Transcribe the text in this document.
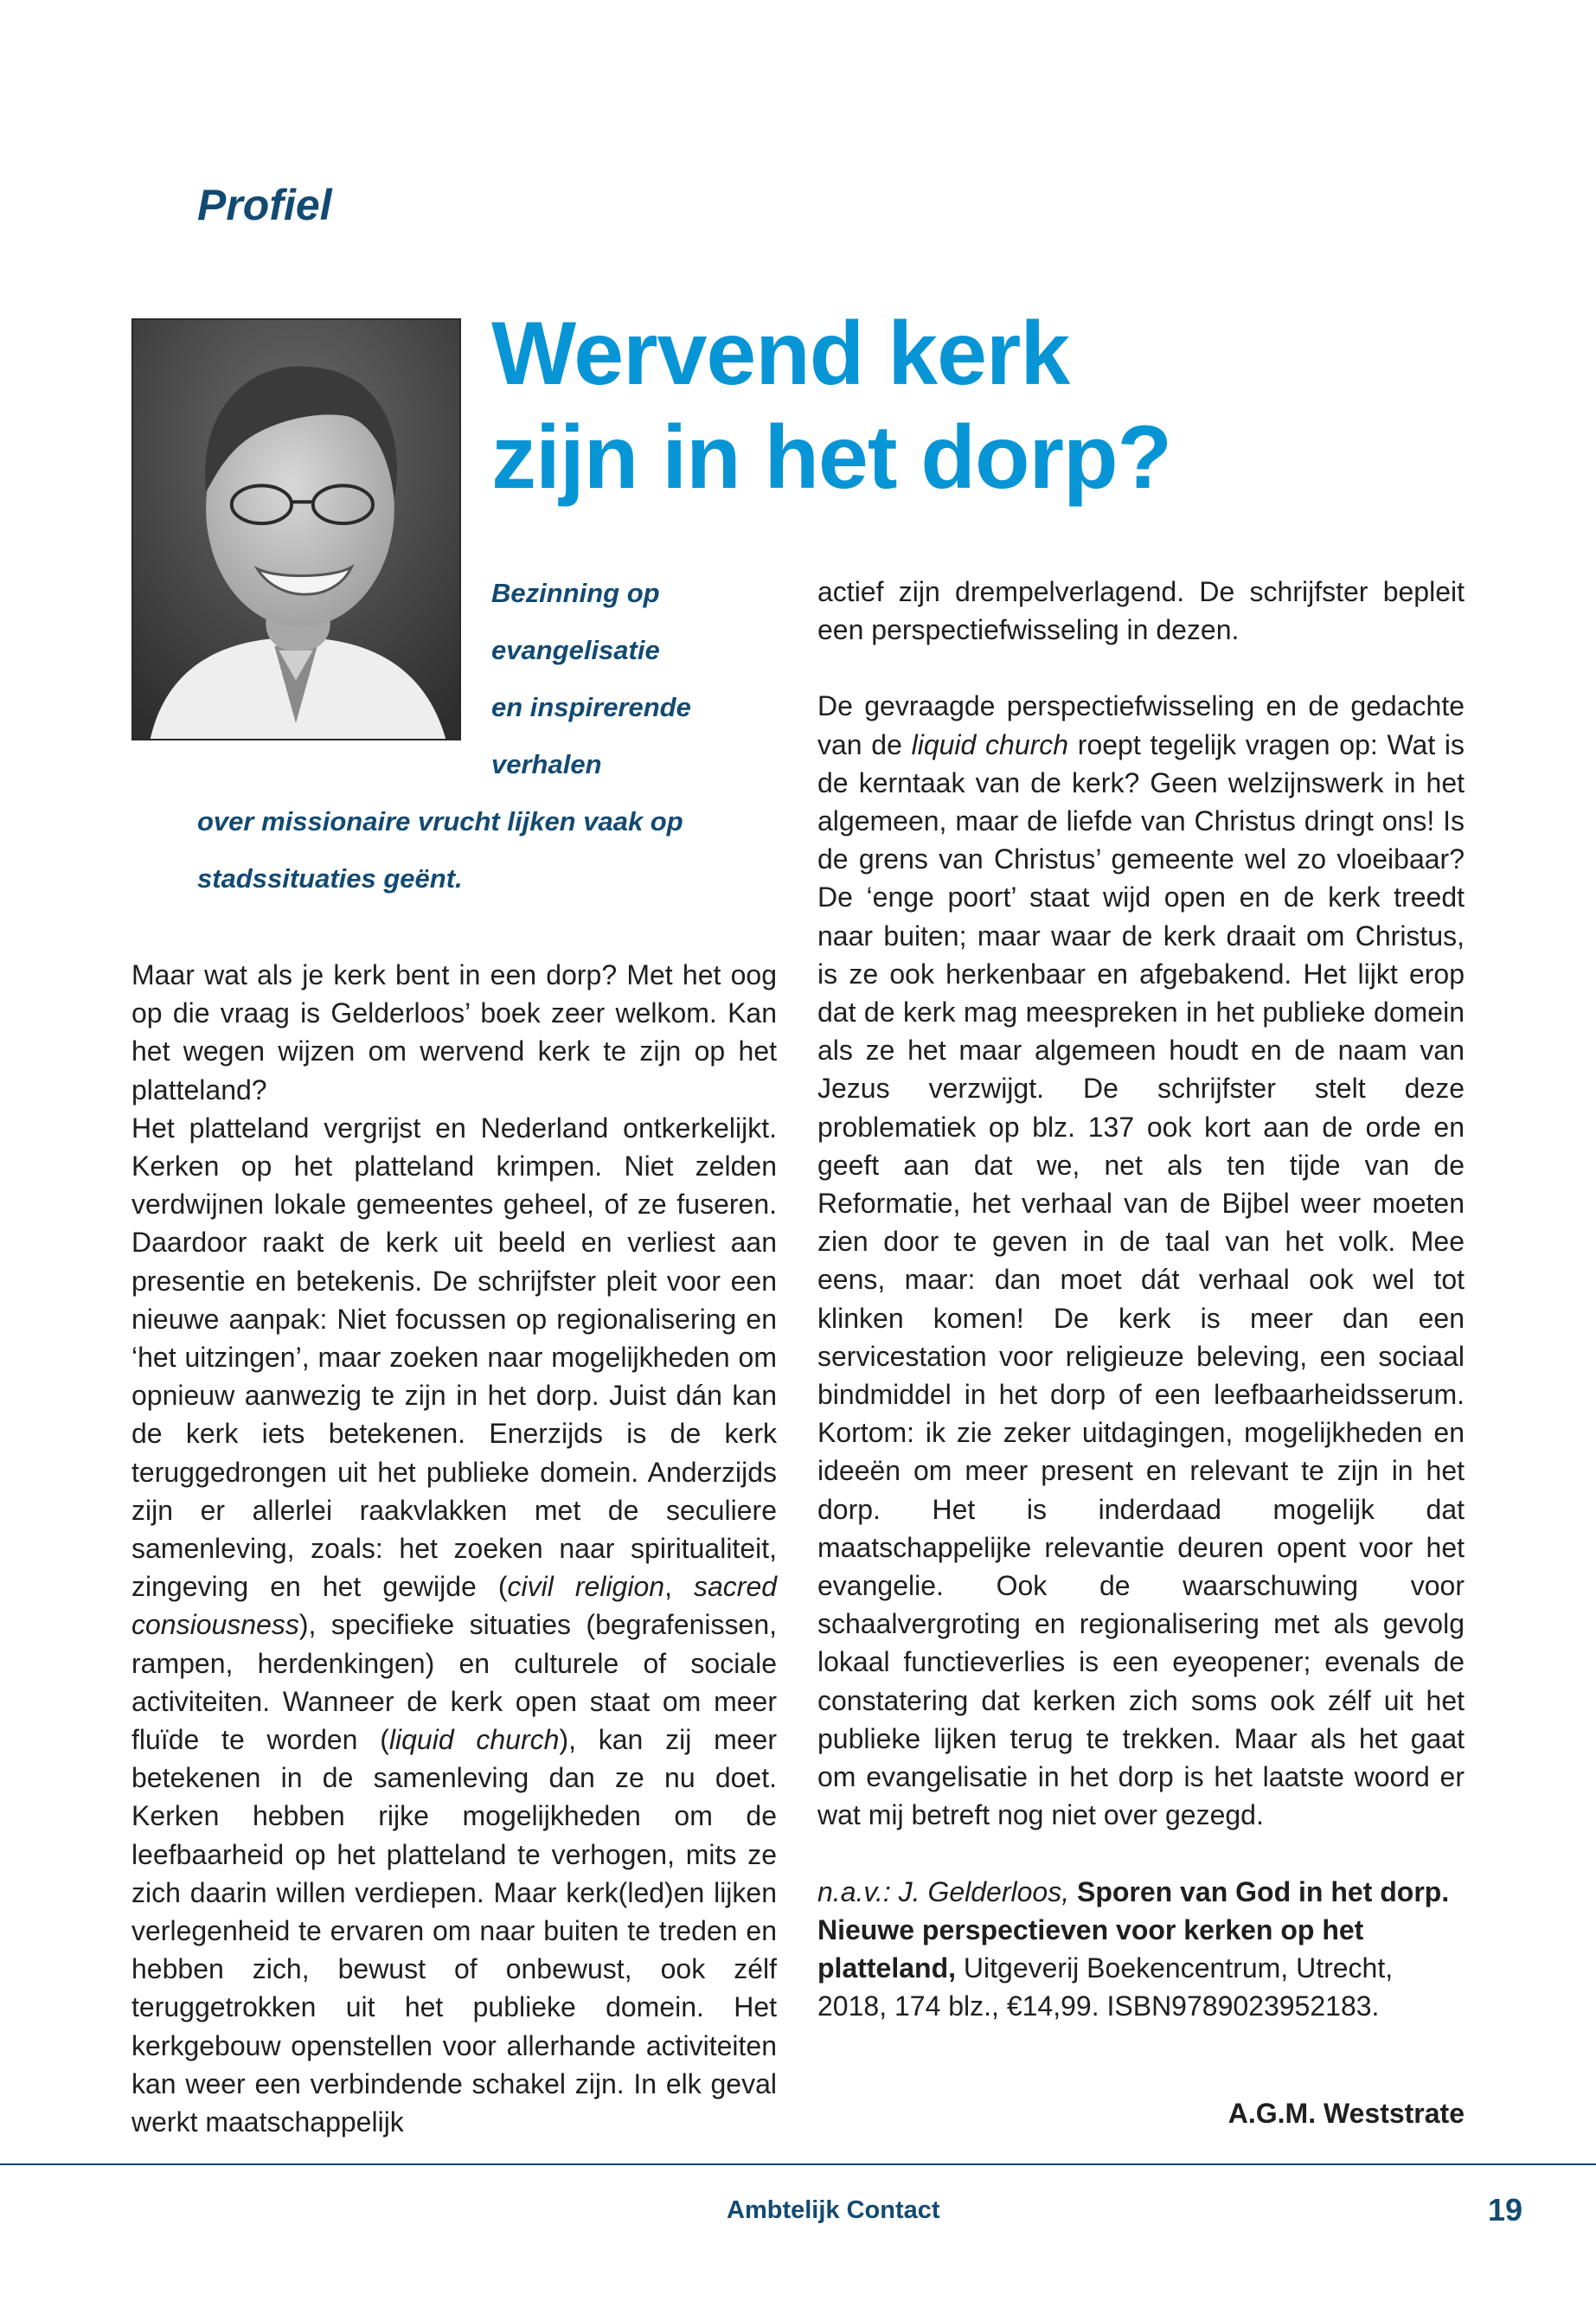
Profiel
Wervend kerk
zijn in het dorp?
Bezinning op
evangelisatie
en inspirerende
verhalen
over missionaire vrucht lijken vaak op
stadssituaties geënt.

Maar wat als je kerk bent in een dorp? Met het oog op die vraag is Gelderloos’ boek zeer welkom. Kan het wegen wijzen om wervend kerk te zijn op het platteland?

Het platteland vergrijst en Nederland ontkerkelijkt. Kerken op het platteland krimpen. Niet zelden verdwijnen lokale gemeentes geheel, of ze fuseren. Daardoor raakt de kerk uit beeld en verliest aan presentie en betekenis. De schrijfster pleit voor een nieuwe aanpak: Niet focussen op regionalisering en ‘het uitzingen’, maar zoeken naar mogelijkheden om opnieuw aanwezig te zijn in het dorp. Juist dán kan de kerk iets betekenen. Enerzijds is de kerk teruggedrongen uit het publieke domein. Anderzijds zijn er allerlei raakvlakken met de seculiere samenleving, zoals: het zoeken naar spiritualiteit, zingeving en het gewijde (civil religion, sacred consiousness), specifieke situaties (begrafenissen, rampen, herdenkingen) en culturele of sociale activiteiten. Wanneer de kerk open staat om meer fluïde te worden (liquid church), kan zij meer betekenen in de samenleving dan ze nu doet. Kerken hebben rijke mogelijkheden om de leefbaarheid op het platteland te verhogen, mits ze zich daarin willen verdiepen. Maar kerk(led)en lijken verlegenheid te ervaren om naar buiten te treden en hebben zich, bewust of onbewust, ook zélf teruggetrokken uit het publieke domein. Het kerkgebouw openstellen voor allerhande activiteiten kan weer een verbindende schakel zijn. In elk geval werkt maatschappelijk

actief zijn drempelverlagend. De schrijfster bepleit een perspectiefwisseling in dezen.

De gevraagde perspectiefwisseling en de gedachte van de liquid church roept tegelijk vragen op: Wat is de kerntaak van de kerk? Geen welzijnswerk in het algemeen, maar de liefde van Christus dringt ons! Is de grens van Christus’ gemeente wel zo vloeibaar? De ‘enge poort’ staat wijd open en de kerk treedt naar buiten; maar waar de kerk draait om Christus, is ze ook herkenbaar en afgebakend. Het lijkt erop dat de kerk mag meespreken in het publieke domein als ze het maar algemeen houdt en de naam van Jezus verzwijgt. De schrijfster stelt deze problematiek op blz. 137 ook kort aan de orde en geeft aan dat we, net als ten tijde van de Reformatie, het verhaal van de Bijbel weer moeten zien door te geven in de taal van het volk. Mee eens, maar: dan moet dát verhaal ook wel tot klinken komen! De kerk is meer dan een servicestation voor religieuze beleving, een sociaal bindmiddel in het dorp of een leefbaarheidsserum. Kortom: ik zie zeker uitdagingen, mogelijkheden en ideeën om meer present en relevant te zijn in het dorp. Het is inderdaad mogelijk dat maatschappelijke relevantie deuren opent voor het evangelie. Ook de waarschuwing voor schaalvergroting en regionalisering met als gevolg lokaal functieverlies is een eyeopener; evenals de constatering dat kerken zich soms ook zélf uit het publieke lijken terug te trekken. Maar als het gaat om evangelisatie in het dorp is het laatste woord er wat mij betreft nog niet over gezegd.

n.a.v.: J. Gelderloos, Sporen van God in het dorp. Nieuwe perspectieven voor kerken op het platteland, Uitgeverij Boekencentrum, Utrecht, 2018, 174 blz., €14,99. ISBN9789023952183.

A.G.M. Weststrate

Ambtelijk Contact	19
